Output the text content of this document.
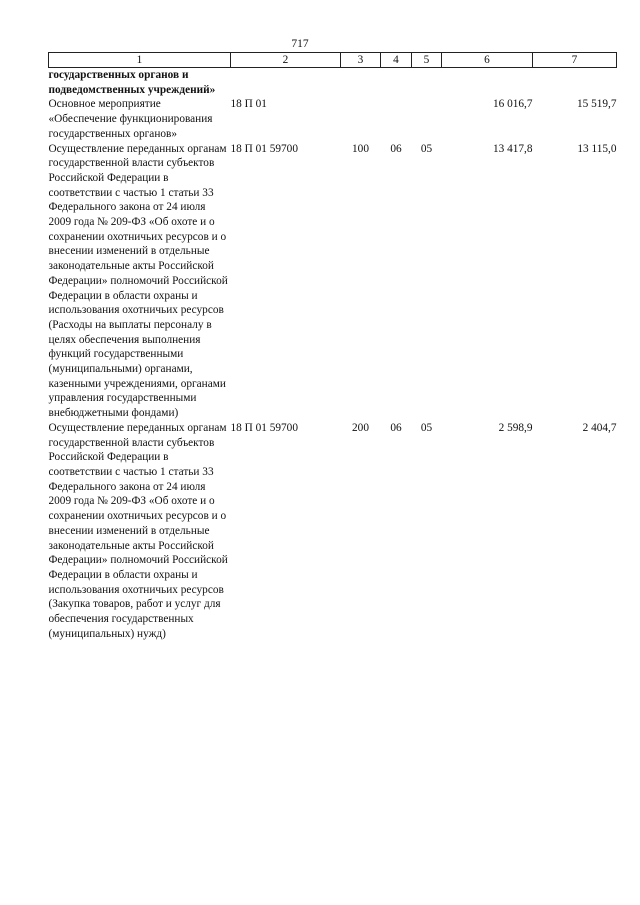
717
1	2	3	4	5	6	7
государственных органов и подведомственных учреждений»						
Основное мероприятие «Обеспечение функционирования государственных органов»	18 П 01				16 016,7	15 519,7
Осуществление переданных органам государственной власти субъектов Российской Федерации в соответствии с частью 1 статьи 33 Федерального закона от 24 июля 2009 года № 209-ФЗ «Об охоте и о сохранении охотничьих ресурсов и о внесении изменений в отдельные законодательные акты Российской Федерации» полномочий Российской Федерации в области охраны и использования охотничьих ресурсов (Расходы на выплаты персоналу в целях обеспечения выполнения функций государственными (муниципальными) органами, казенными учреждениями, органами управления государственными внебюджетными фондами)	18 П 01 59700	100	06	05	13 417,8	13 115,0
Осуществление переданных органам государственной власти субъектов Российской Федерации в соответствии с частью 1 статьи 33 Федерального закона от 24 июля 2009 года № 209-ФЗ «Об охоте и о сохранении охотничьих ресурсов и о внесении изменений в отдельные законодательные акты Российской Федерации» полномочий Российской Федерации в области охраны и использования охотничьих ресурсов (Закупка товаров, работ и услуг для обеспечения государственных (муниципальных) нужд)	18 П 01 59700	200	06	05	2 598,9	2 404,7
